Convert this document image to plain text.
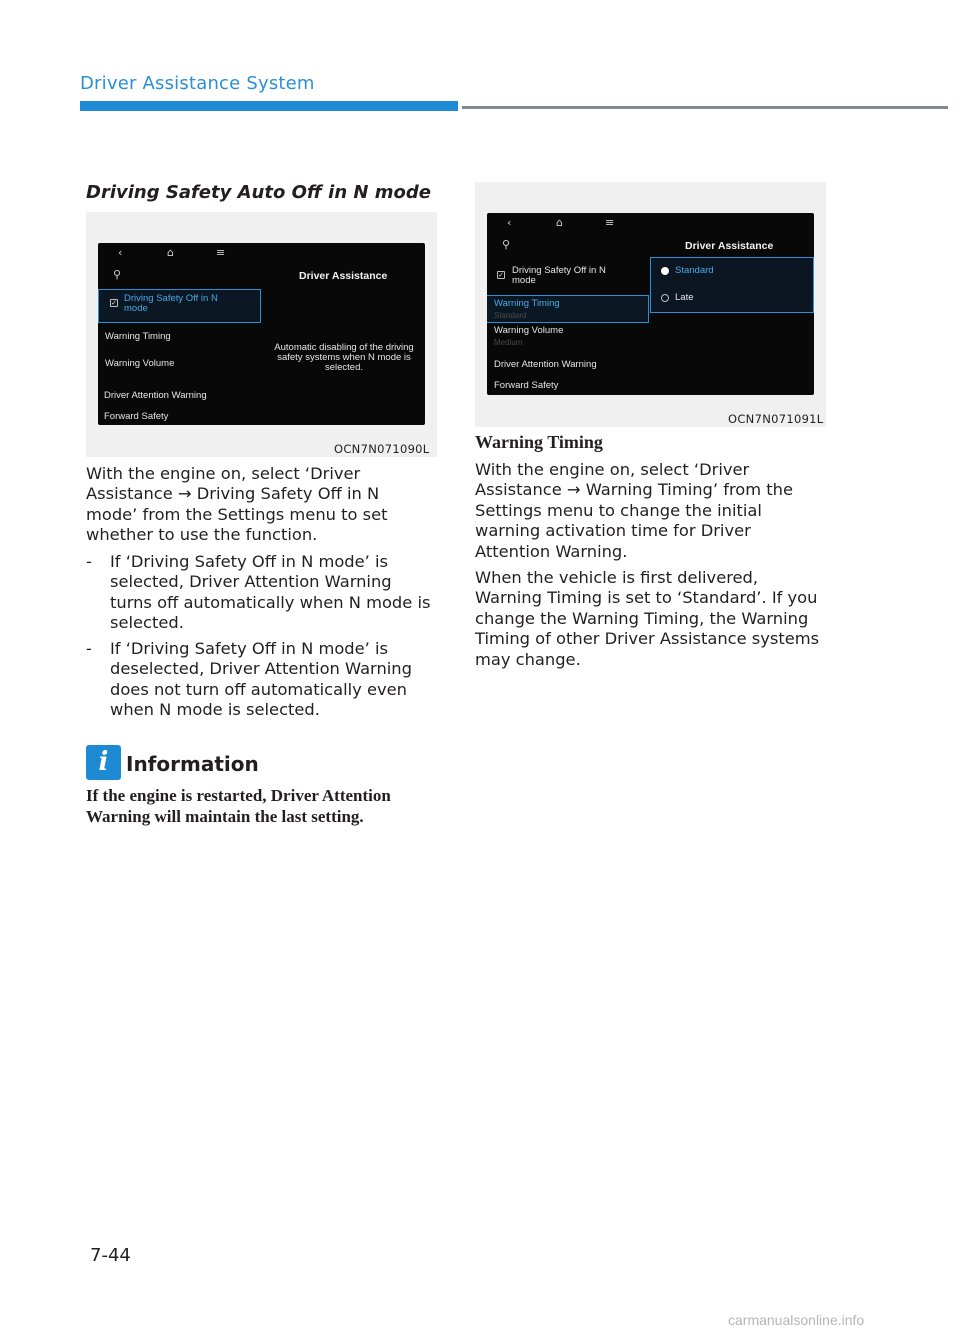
Driver Assistance System
Driving Safety Auto Off in N mode
‹	⌂	≡
⚲	Driver Assistance
✓ Driving Safety Off in N mode
Warning Timing
Warning Volume
Driver Attention Warning
Forward Safety
Automatic disabling of the driving safety systems when N mode is selected.
OCN7N071090L
With the engine on, select ‘Driver Assistance → Driving Safety Off in N mode’ from the Settings menu to set whether to use the function.
- If ‘Driving Safety Off in N mode’ is selected, Driver Attention Warning turns off automatically when N mode is selected.
- If ‘Driving Safety Off in N mode’ is deselected, Driver Attention Warning does not turn off automatically even when N mode is selected.
i Information
If the engine is restarted, Driver Attention Warning will maintain the last setting.
‹	⌂	≡
⚲	Driver Assistance
✓ Driving Safety Off in N mode
Warning Timing
Standard
Warning Volume
Medium
Driver Attention Warning
Forward Safety
Standard
Late
OCN7N071091L
Warning Timing
With the engine on, select ‘Driver Assistance → Warning Timing’ from the Settings menu to change the initial warning activation time for Driver Attention Warning.
When the vehicle is first delivered, Warning Timing is set to ‘Standard’. If you change the Warning Timing, the Warning Timing of other Driver Assistance systems may change.
7-44
carmanualsonline.info
